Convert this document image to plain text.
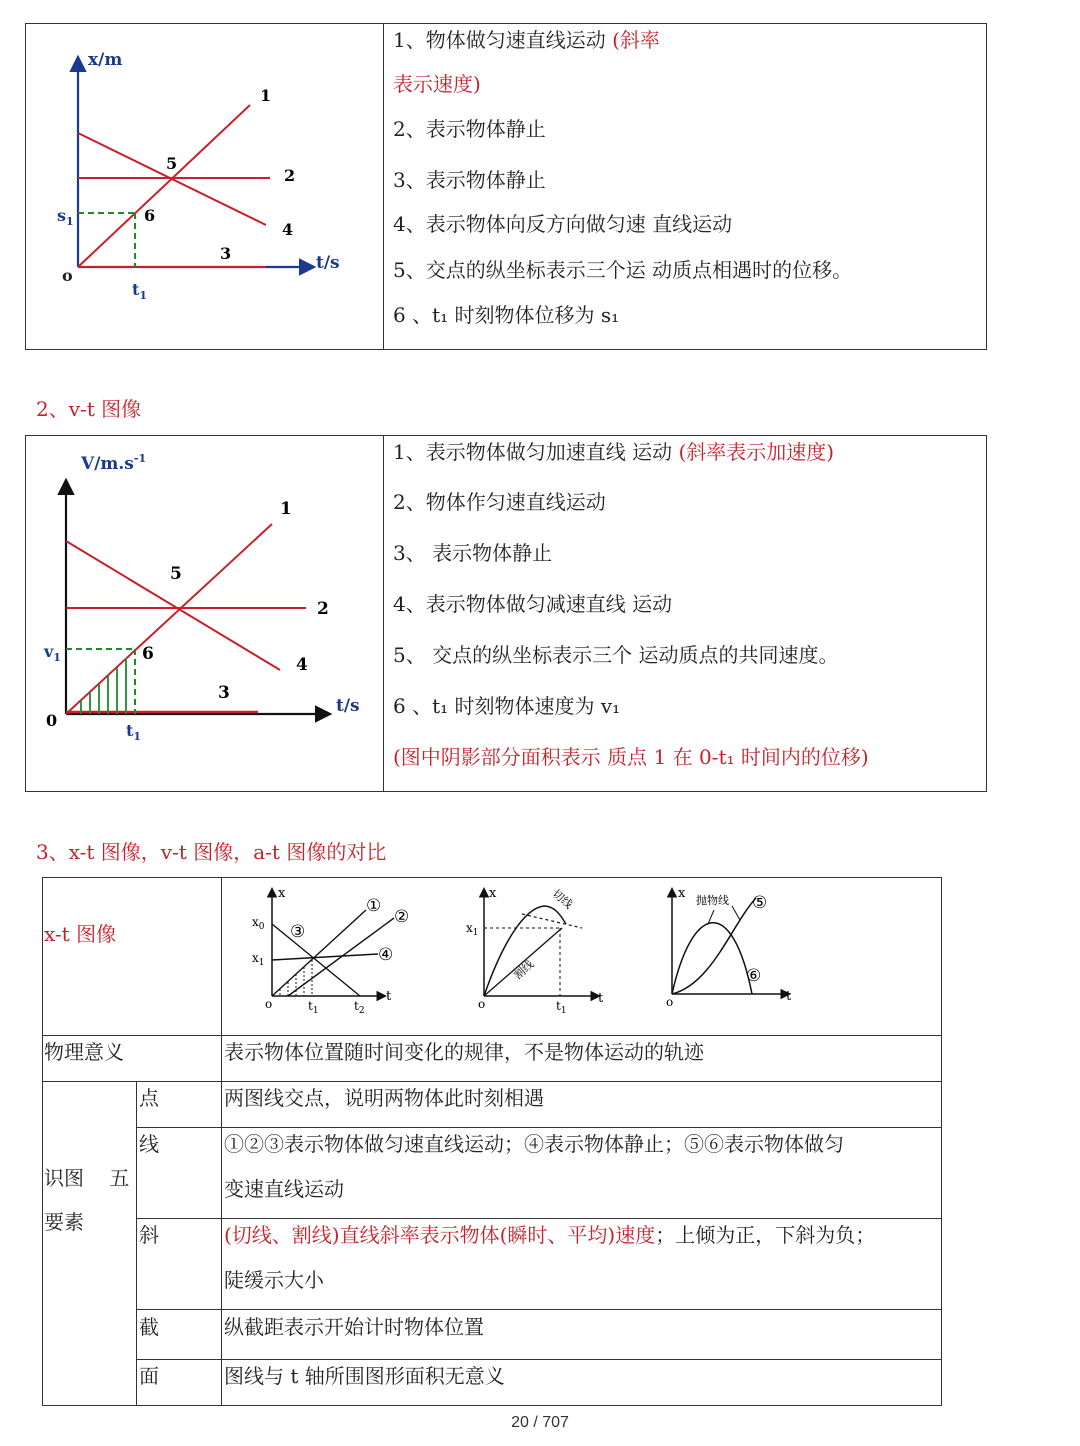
x/m
t/s
o
$s_1$
$t_1$
1
2
3
4
5
6
1、物体做匀速直线运动 (斜率
表示速度)
2、表示物体静止
3、表示物体静止
4、表示物体向反方向做匀速 直线运动
5、交点的纵坐标表示三个运 动质点相遇时的位移。
6 、t₁ 时刻物体位移为 s₁
2、v-t 图像
$V/m.s^{-1}$
t/s
0
$v_1$
$t_1$
1
2
3
4
5
6
1、表示物体做匀加速直线 运动 (斜率表示加速度)
2、物体作匀速直线运动
3、 表示物体静止
4、表示物体做匀减速直线 运动
5、 交点的纵坐标表示三个 运动质点的共同速度。
6 、t₁ 时刻物体速度为 v₁
(图中阴影部分面积表示 质点 1 在 0-t₁ 时间内的位移)
3、x-t 图像，v-t 图像，a-t 图像的对比
x-t 图像
x
t
o
$x_0$
$x_1$
$t_1$	$t_2$
①
②
③
④
x
t
o
$x_1$
$t_1$
切线
割线
x
t
o
抛物线 ⑤
⑥
物理意义	表示物体位置随时间变化的规律，不是物体运动的轨迹
识图    五
要素
点	两图线交点，说明两物体此时刻相遇
线	①②③表示物体做匀速直线运动；④表示物体静止；⑤⑥表示物体做匀
变速直线运动
斜	(切线、割线)直线斜率表示物体(瞬时、平均)速度；上倾为正，下斜为负；
陡缓示大小
截	纵截距表示开始计时物体位置
面	图线与 t 轴所围图形面积无意义
20 / 707
